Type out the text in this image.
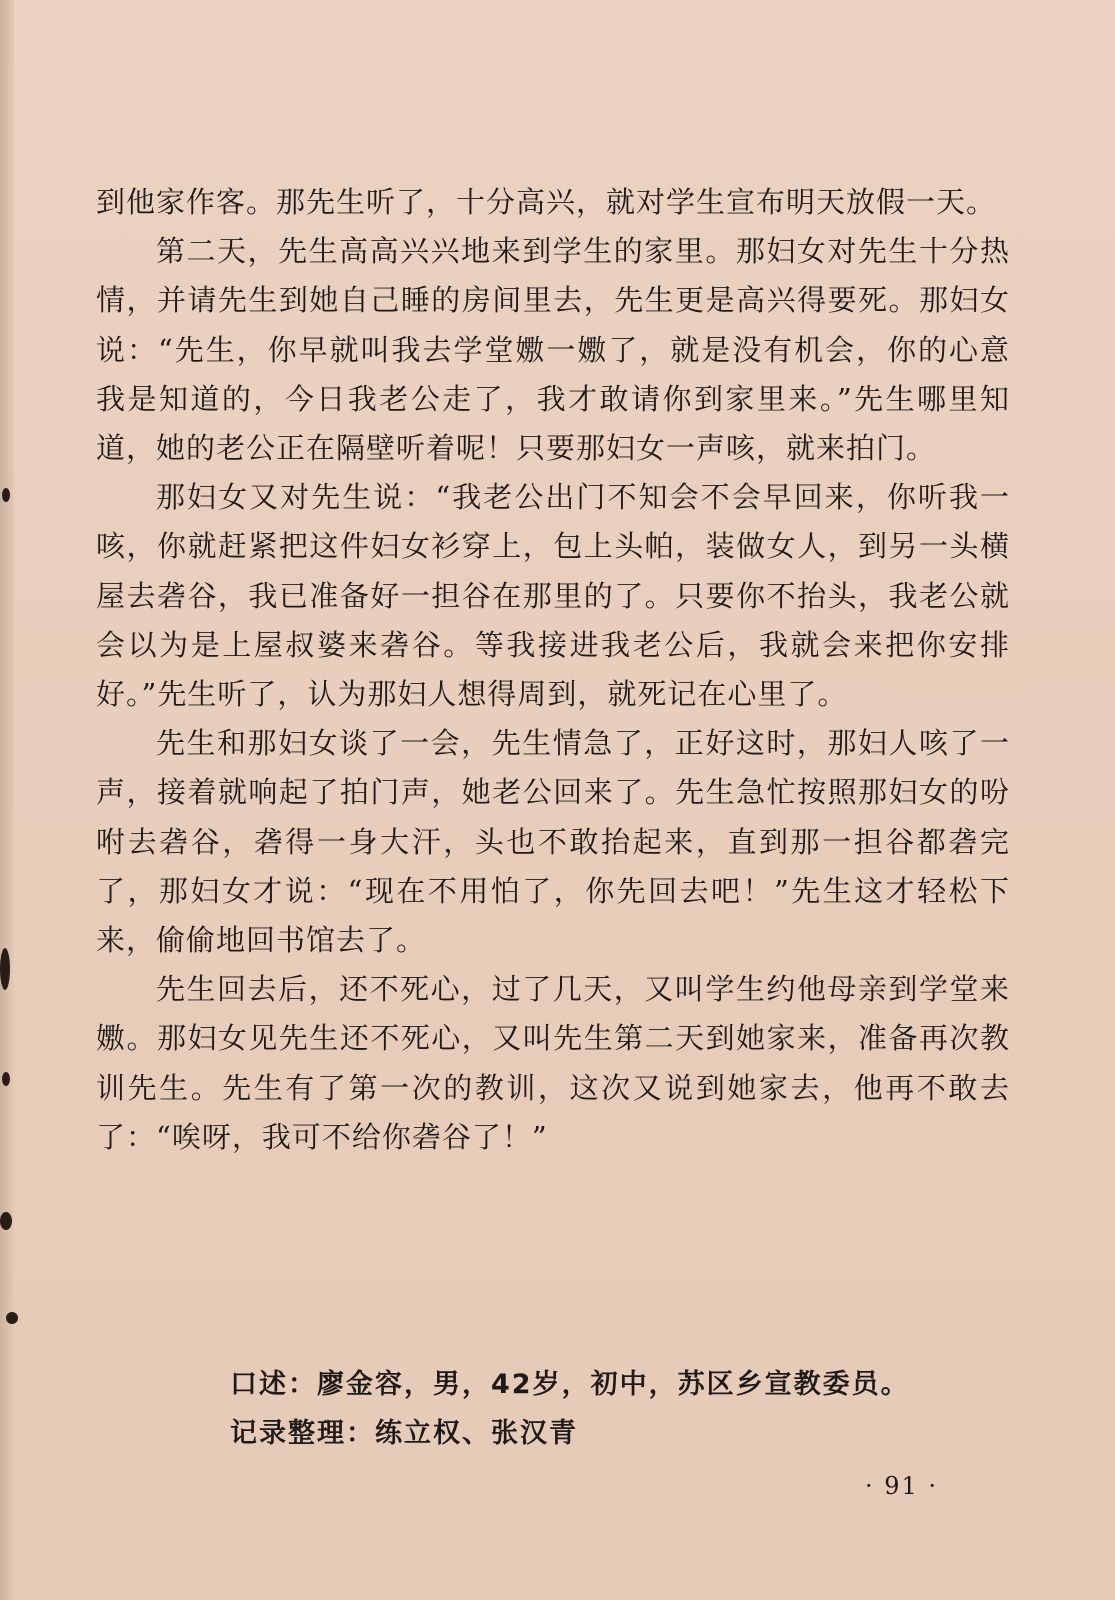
到他家作客。那先生听了，十分高兴，就对学生宣布明天放假一天。

第二天，先生高高兴兴地来到学生的家里。那妇女对先生十分热情，并请先生到她自己睡的房间里去，先生更是高兴得要死。那妇女说：“先生，你早就叫我去学堂嫐一嫐了，就是没有机会，你的心意我是知道的，今日我老公走了，我才敢请你到家里来。”先生哪里知道，她的老公正在隔壁听着呢！只要那妇女一声咳，就来拍门。

那妇女又对先生说：“我老公出门不知会不会早回来，你听我一咳，你就赶紧把这件妇女衫穿上，包上头帕，装做女人，到另一头横屋去砻谷，我已准备好一担谷在那里的了。只要你不抬头，我老公就会以为是上屋叔婆来砻谷。等我接进我老公后，我就会来把你安排好。”先生听了，认为那妇人想得周到，就死记在心里了。

先生和那妇女谈了一会，先生情急了，正好这时，那妇人咳了一声，接着就响起了拍门声，她老公回来了。先生急忙按照那妇女的吩咐去砻谷，砻得一身大汗，头也不敢抬起来，直到那一担谷都砻完了，那妇女才说：“现在不用怕了，你先回去吧！”先生这才轻松下来，偷偷地回书馆去了。

先生回去后，还不死心，过了几天，又叫学生约他母亲到学堂来嫐。那妇女见先生还不死心，又叫先生第二天到她家来，准备再次教训先生。先生有了第一次的教训，这次又说到她家去，他再不敢去了：“唉呀，我可不给你砻谷了！”

口述：廖金容，男，42岁，初中，苏区乡宣教委员。

记录整理：练立权、张汉青

· 91 ·
